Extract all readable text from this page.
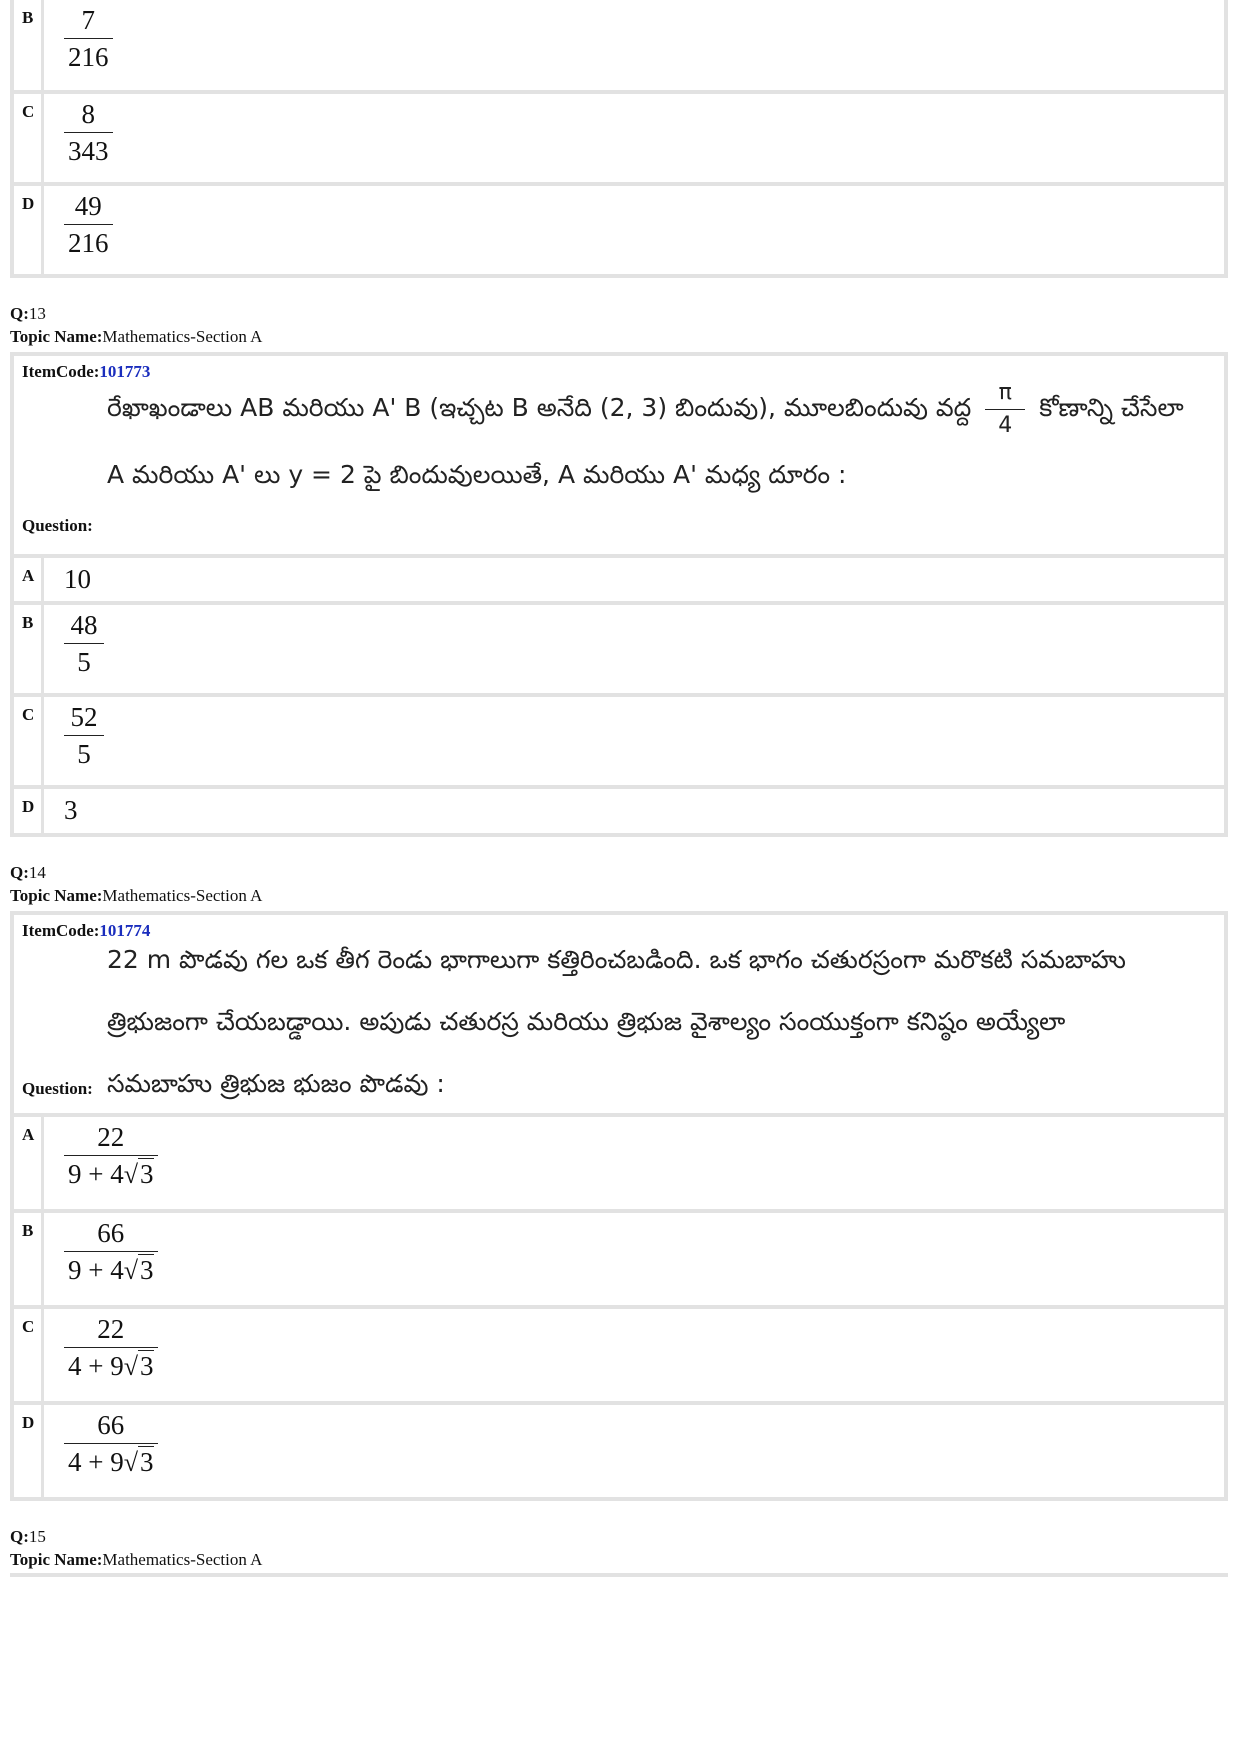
B	$\frac{7}{216}$
C	$\frac{8}{343}$
D	$\frac{49}{216}$
Q:13
Topic Name:Mathematics-Section A
ItemCode:101773
రేఖాఖండాలు AB మరియు A' B (ఇచ్చట B అనేది (2, 3) బిందువు), మూలబిందువు వద్ద $\frac{\pi}{4}$ కోణాన్ని చేసేలా
A మరియు A' లు y = 2 పై బిందువులయితే, A మరియు A' మధ్య దూరం :
Question:
A	10
B	$\frac{48}{5}$
C	$\frac{52}{5}$
D	3
Q:14
Topic Name:Mathematics-Section A
ItemCode:101774
22 m పొడవు గల ఒక తీగ రెండు భాగాలుగా కత్తిరించబడింది. ఒక భాగం చతురస్రంగా మరొకటి సమబాహు
త్రిభుజంగా చేయబడ్డాయి. అపుడు చతురస్ర మరియు త్రిభుజ వైశాల్యం సంయుక్తంగా కనిష్ఠం అయ్యేలా
సమబాహు త్రిభుజ భుజం పొడవు :
Question:
A	$\frac{22}{9 + 4√3}$
B	$\frac{66}{9 + 4√3}$
C	$\frac{22}{4 + 9√3}$
D	$\frac{66}{4 + 9√3}$
Q:15
Topic Name:Mathematics-Section A
